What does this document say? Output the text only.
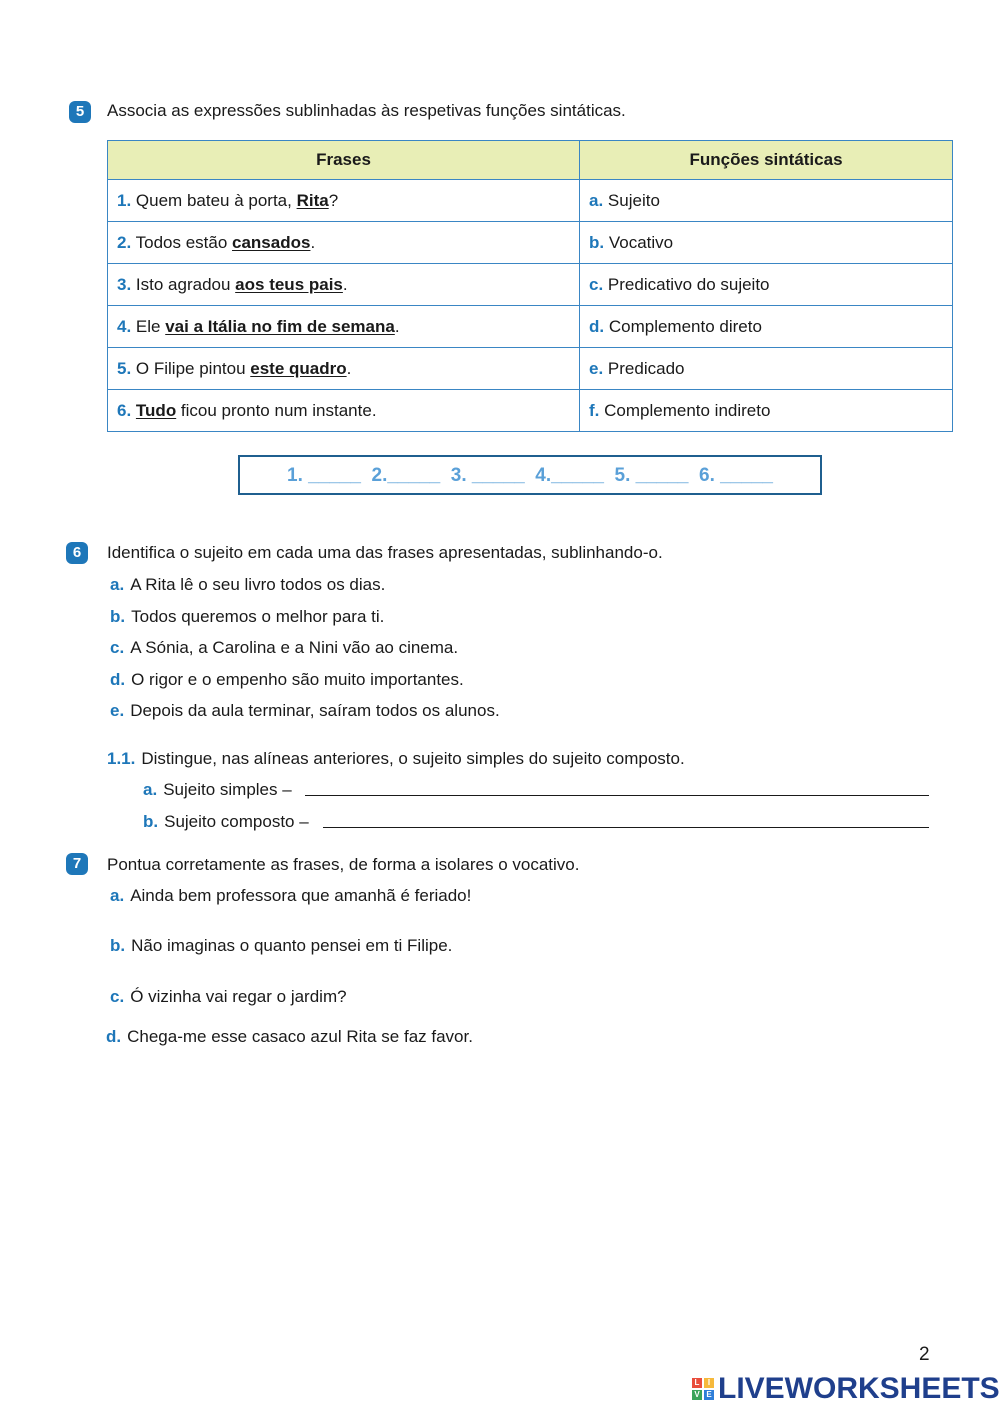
5	Associa as expressões sublinhadas às respetivas funções sintáticas.
Frases	Funções sintáticas
1. Quem bateu à porta, Rita?	a. Sujeito
2. Todos estão cansados.	b. Vocativo
3. Isto agradou aos teus pais.	c. Predicativo do sujeito
4. Ele vai a Itália no fim de semana.	d. Complemento direto
5. O Filipe pintou este quadro.	e. Predicado
6. Tudo ficou pronto num instante.	f. Complemento indireto
1. _____  2._____  3. _____  4._____  5. _____  6. _____
6	Identifica o sujeito em cada uma das frases apresentadas, sublinhando-o.
a. A Rita lê o seu livro todos os dias.
b. Todos queremos o melhor para ti.
c. A Sónia, a Carolina e a Nini vão ao cinema.
d. O rigor e o empenho são muito importantes.
e. Depois da aula terminar, saíram todos os alunos.
1.1. Distingue, nas alíneas anteriores, o sujeito simples do sujeito composto.
a. Sujeito simples –
b. Sujeito composto –
7	Pontua corretamente as frases, de forma a isolares o vocativo.
a. Ainda bem professora que amanhã é feriado!
b. Não imaginas o quanto pensei em ti Filipe.
c. Ó vizinha vai regar o jardim?
d. Chega-me esse casaco azul Rita se faz favor.
2
L	I
V E LIVEWORKSHEETS
